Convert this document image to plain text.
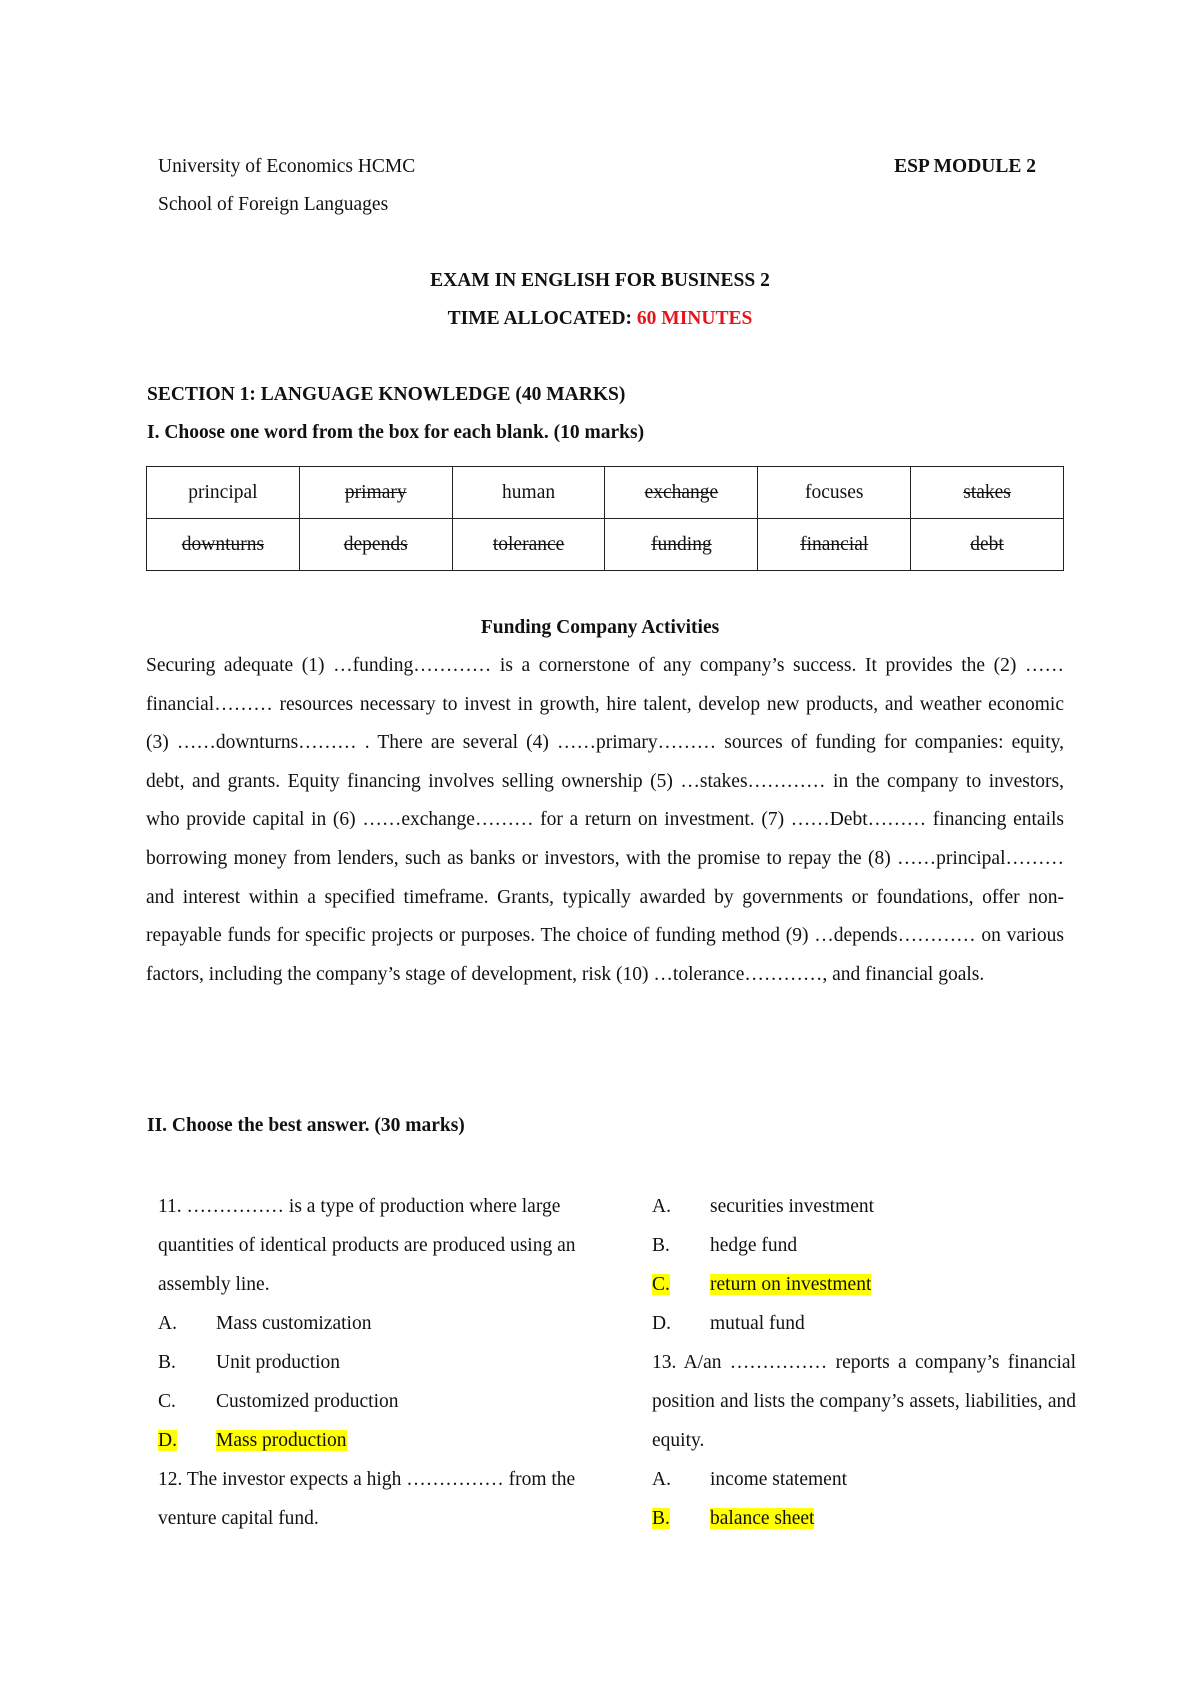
University of Economics HCMC
School of Foreign Languages
ESP MODULE 2
EXAM IN ENGLISH FOR BUSINESS 2
TIME ALLOCATED: 60 MINUTES
SECTION 1: LANGUAGE KNOWLEDGE (40 MARKS)
I. Choose one word from the box for each blank. (10 marks)
principal	primary	human	exchange	focuses	stakes
downturns	depends	tolerance	funding	financial	debt
Funding Company Activities
Securing adequate (1) …funding………… is a cornerstone of any company’s success. It provides the (2) ……financial……… resources necessary to invest in growth, hire talent, develop new products, and weather economic (3) ……downturns……… . There are several (4) ……primary……… sources of funding for companies: equity, debt, and grants. Equity financing involves selling ownership (5) …stakes………… in the company to investors, who provide capital in (6) ……exchange……… for a return on investment. (7) ……Debt……… financing entails borrowing money from lenders, such as banks or investors, with the promise to repay the (8) ……principal……… and interest within a specified timeframe. Grants, typically awarded by governments or foundations, offer non-repayable funds for specific projects or purposes. The choice of funding method (9) …depends………… on various factors, including the company’s stage of development, risk (10) …tolerance…………, and financial goals.
II. Choose the best answer. (30 marks)
11. …………… is a type of production where large quantities of identical products are produced using an assembly line.
A.	Mass customization
B.	Unit production
C.	Customized production
D.	Mass production
12. The investor expects a high …………… from the venture capital fund.
A.	securities investment
B.	hedge fund
C.	return on investment
D.	mutual fund
13. A/an …………… reports a company’s financial position and lists the company’s assets, liabilities, and equity.
A.	income statement
B.	balance sheet
